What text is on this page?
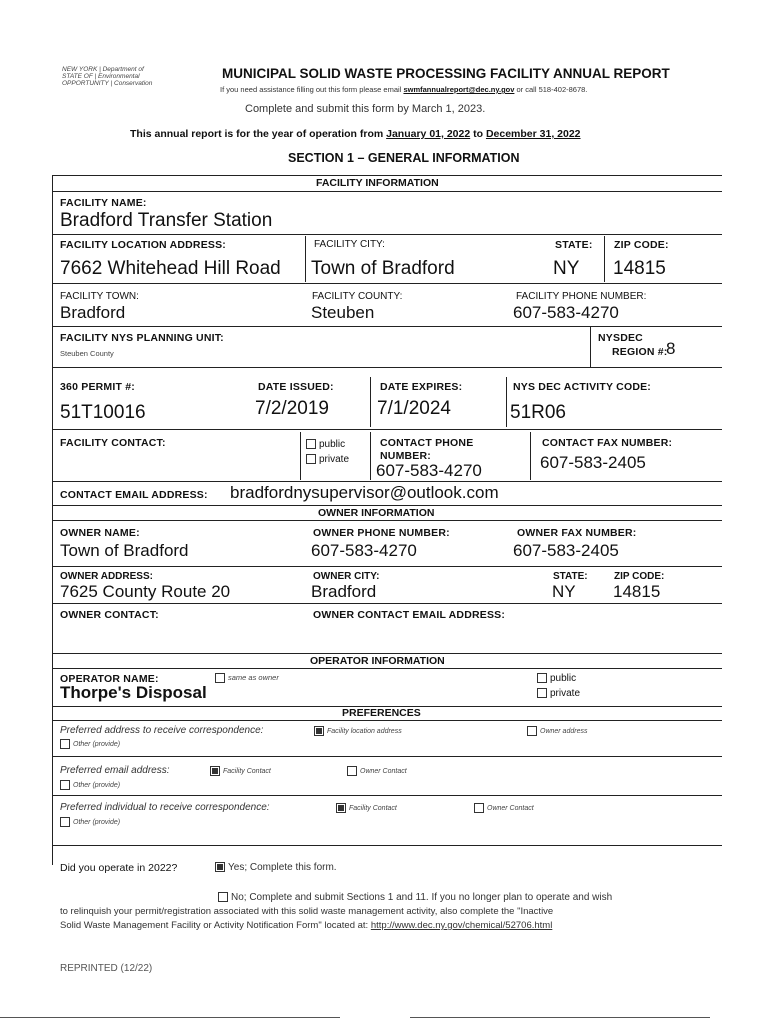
NEW YORK | Department of
STATE OF | Environmental
OPPORTUNITY | Conservation
MUNICIPAL SOLID WASTE PROCESSING FACILITY ANNUAL REPORT
If you need assistance filling out this form please email swmfannualreport@dec.ny.gov or call 518-402-8678.
Complete and submit this form by March 1, 2023.
This annual report is for the year of operation from January 01, 2022 to December 31, 2022
SECTION 1 – GENERAL INFORMATION
FACILITY INFORMATION
FACILITY NAME:
Bradford Transfer Station
FACILITY LOCATION ADDRESS:
7662 Whitehead Hill Road
FACILITY CITY:
Town of Bradford
STATE:
NY
ZIP CODE:
14815
FACILITY TOWN:
Bradford
FACILITY COUNTY:
Steuben
FACILITY PHONE NUMBER:
607-583-4270
FACILITY NYS PLANNING UNIT:
Steuben County
NYSDEC
REGION #:
8
360 PERMIT #:
51T10016
DATE ISSUED:
7/2/2019
DATE EXPIRES:
7/1/2024
NYS DEC ACTIVITY CODE:
51R06
FACILITY CONTACT:	public
private
CONTACT PHONE
NUMBER:
607-583-4270
CONTACT FAX NUMBER:
607-583-2405
CONTACT EMAIL ADDRESS: bradfordnysupervisor@outlook.com
OWNER INFORMATION
OWNER NAME:
Town of Bradford
OWNER PHONE NUMBER:
607-583-4270
OWNER FAX NUMBER:
607-583-2405
OWNER ADDRESS:
7625 County Route 20
OWNER CITY:
Bradford
STATE:
NY
ZIP CODE:
14815
OWNER CONTACT:	OWNER CONTACT EMAIL ADDRESS:
OPERATOR INFORMATION
OPERATOR NAME:	same as owner
Thorpe's Disposal
public
private
PREFERENCES
Preferred address to receive correspondence:	Facility location address	Owner address
Other (provide)
Preferred email address:	Facility Contact	Owner Contact
Other (provide)
Preferred individual to receive correspondence:	Facility Contact	Owner Contact
Other (provide)
Did you operate in 2022?	Yes; Complete this form.
No; Complete and submit Sections 1 and 11. If you no longer plan to operate and wish
to relinquish your permit/registration associated with this solid waste management activity, also complete the "Inactive
Solid Waste Management Facility or Activity Notification Form" located at: http://www.dec.ny.gov/chemical/52706.html
REPRINTED (12/22)
